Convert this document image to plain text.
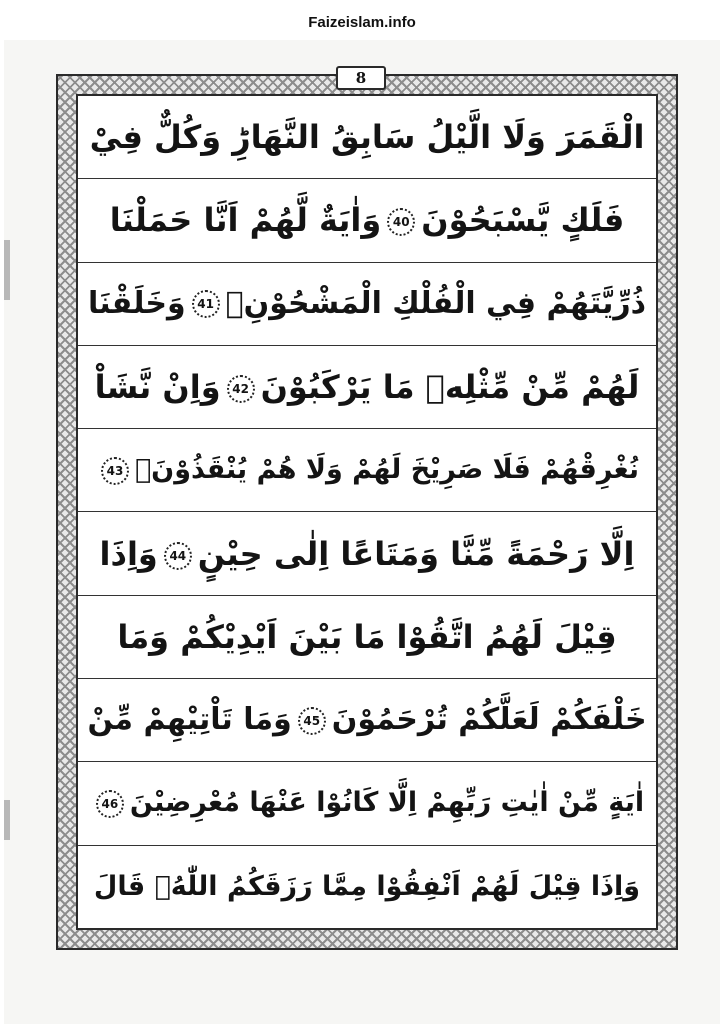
Faizeislam.info
الْقَمَرَ وَلَا الَّيْلُ سَابِقُ النَّهَارِؕ وَكُلٌّ فِيْ
فَلَكٍ يَّسْبَحُوْنَ40وَاٰيَةٌ لَّهُمْ اَنَّا حَمَلْنَا
ذُرِّيَّتَهُمْ فِي الْفُلْكِ الْمَشْحُوْنِۙ41وَخَلَقْنَا
لَهُمْ مِّنْ مِّثْلِهٖ مَا يَرْكَبُوْنَ42وَاِنْ نَّشَاْ
نُغْرِقْهُمْ فَلَا صَرِيْخَ لَهُمْ وَلَا هُمْ يُنْقَذُوْنَۙ43
اِلَّا رَحْمَةً مِّنَّا وَمَتَاعًا اِلٰى حِيْنٍ44وَاِذَا
قِيْلَ لَهُمُ اتَّقُوْا مَا بَيْنَ اَيْدِيْكُمْ وَمَا
خَلْفَكُمْ لَعَلَّكُمْ تُرْحَمُوْنَ45وَمَا تَاْتِيْهِمْ مِّنْ
اٰيَةٍ مِّنْ اٰيٰتِ رَبِّهِمْ اِلَّا كَانُوْا عَنْهَا مُعْرِضِيْنَ46
وَاِذَا قِيْلَ لَهُمْ اَنْفِقُوْا مِمَّا رَزَقَكُمُ اللّٰهُۙ قَالَ
8
